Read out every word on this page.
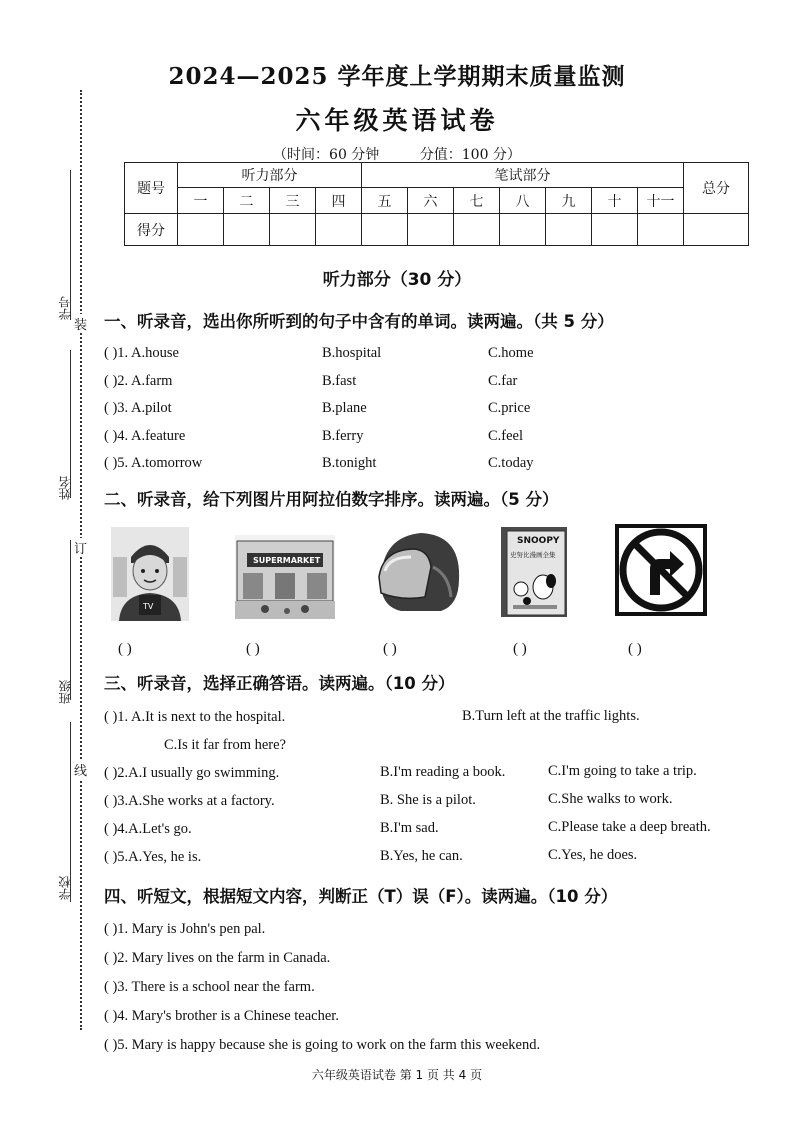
学号
姓名
班级
学校
装
订
线
2024—2025 学年度上学期期末质量监测
六年级英语试卷
（时间：60 分钟	分值：100 分）
题号	听力部分				笔试部分							总分
	一	二	三	四	五	六	七	八	九	十	十一	
得分												
听力部分（30 分）
一、听录音，选出你所听到的句子中含有的单词。读两遍。（共 5 分）
( )1. A.house	B.hospital	C.home
( )2. A.farm	B.fast	C.far
( )3. A.pilot	B.plane	C.price
( )4. A.feature	B.ferry	C.feel
( )5. A.tomorrow	B.tonight	C.today
二、听录音，给下列图片用阿拉伯数字排序。读两遍。（5 分）
TV
SUPERMARKET
SNOOPY
史努比漫画全集
( )	( )	( )	( )	( )
三、听录音，选择正确答语。读两遍。（10 分）
( )1. A.It is next to the hospital.	B.Turn left at the traffic lights.
C.Is it far from here?
( )2.A.I usually go swimming.	B.I'm reading a book.	C.I'm going to take a trip.
( )3.A.She works at a factory.	B. She is a pilot.	C.She walks to work.
( )4.A.Let's go.	B.I'm sad.	C.Please take a deep breath.
( )5.A.Yes, he is.	B.Yes, he can.	C.Yes, he does.
四、听短文，根据短文内容，判断正（T）误（F）。读两遍。（10 分）
( )1. Mary is John's pen pal.
( )2. Mary lives on the farm in Canada.
( )3. There is a school near the farm.
( )4. Mary's brother is a Chinese teacher.
( )5. Mary is happy because she is going to work on the farm this weekend.
六年级英语试卷 第 1 页 共 4 页
